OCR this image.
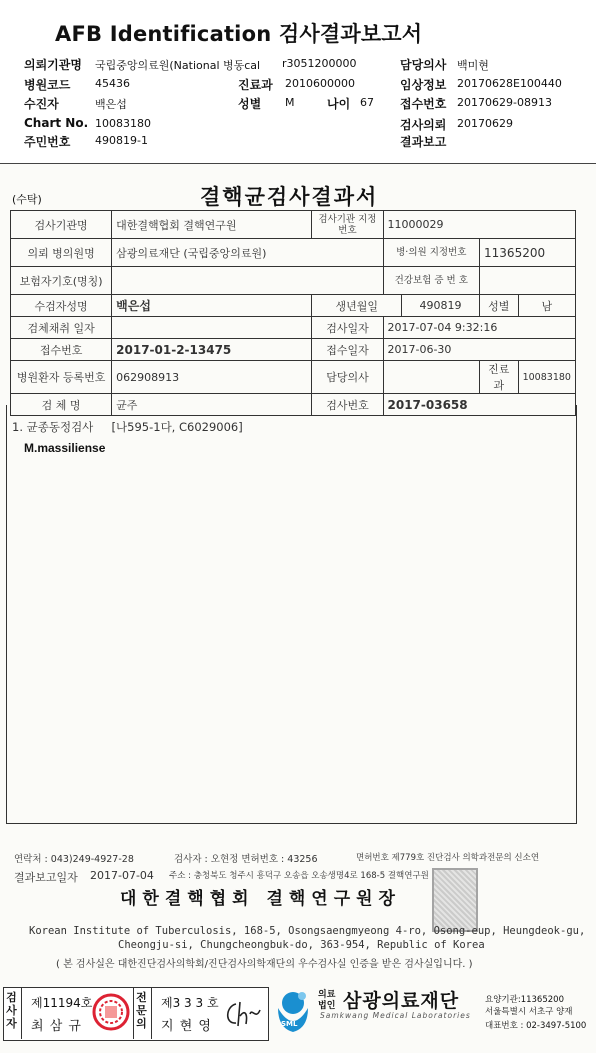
AFB Identification 검사결과보고서
의뢰기관명 국립중앙의료원(National 병동cal r3051200000	담당의사 백미현
병원코드 45436	진료과 2010600000	임상정보 20170628E100440
수진자	백은섭	성별 M	나이 67 접수번호 20170629-08913
Chart No. 10083180	검사의뢰 20170629
주민번호 490819-1	결과보고
(수탁)	결핵균검사결과서
검사기관명	대한결핵협회 결핵연구원	검사기관 지정번호	11000029			
의뢰 병의원명	삼광의료재단 (국립중앙의료원)		병·의원 지정번호		11365200	
보험자기호(명칭)			건강보험 증 번 호			
수검자성명	백은섭	생년월일		490819	성별	남
검체채취 일자		검사일자	2017-07-04 9:32:16			
접수번호	2017-01-2-13475	접수일자	2017-06-30			
병원환자 등록번호	062908913	담당의사			진료과	10083180
검 체 명	균주	검사번호	2017-03658			
1. 균종동정검사     [나595-1다, C6029006]
M.massiliense
연락처 : 043)249-4927-28	검사자 : 오현정 면허번호 : 43256	면허번호 제779호 진단검사 의학과전문의 신소연
결과보고일자 2017-07-04 주소 : 충청북도 청주시 흥덕구 오송읍 오송생명4로 168-5 결핵연구원
대한결핵협회 결핵연구원장
Korean Institute of Tuberculosis, 168-5, Osongsaengmyeong 4-ro, Osong-eup, Heungdeok-gu,
Cheongju-si, Chungcheongbuk-do, 363-954, Republic of Korea
( 본 검사실은 대한진단검사의학회/진단검사의학재단의 우수검사실 인증을 받은 검사실입니다. )
검사자
제11194호
최 삼 규
전문의
제3 3 3 호
지 현 영	SML
의료법인 삼광의료재단
Samkwang Medical Laboratories
요양기관:11365200
서울특별시 서초구 양재
대표번호 : 02-3497-5100
